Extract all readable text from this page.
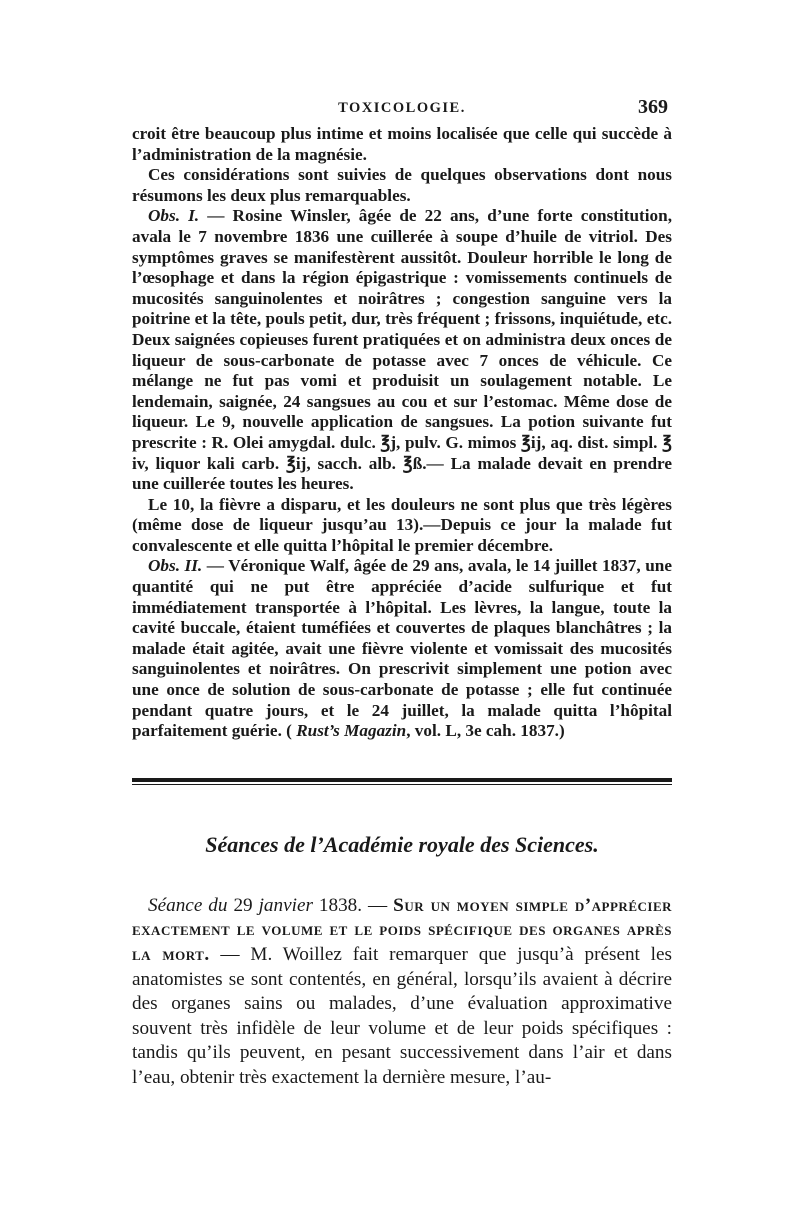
TOXICOLOGIE.	369

croit être beaucoup plus intime et moins localisée que celle qui succède à l’administration de la magnésie.

Ces considérations sont suivies de quelques observations dont nous résumons les deux plus remarquables.

Obs. I. — Rosine Winsler, âgée de 22 ans, d’une forte constitution, avala le 7 novembre 1836 une cuillerée à soupe d’huile de vitriol. Des symptômes graves se manifestèrent aussitôt. Douleur horrible le long de l’œsophage et dans la région épigastrique : vomissements continuels de mucosités sanguinolentes et noirâtres ; congestion sanguine vers la poitrine et la tête, pouls petit, dur, très fréquent ; frissons, inquiétude, etc. Deux saignées copieuses furent pratiquées et on administra deux onces de liqueur de sous-carbonate de potasse avec 7 onces de véhicule. Ce mélange ne fut pas vomi et produisit un soulagement notable. Le lendemain, saignée, 24 sangsues au cou et sur l’estomac. Même dose de liqueur. Le 9, nouvelle application de sangsues. La potion suivante fut prescrite : R. Olei amygdal. dulc. ℥j, pulv. G. mimos ℥ij, aq. dist. simpl. ℥ iv, liquor kali carb. ℥ij, sacch. alb. ℥ß.— La malade devait en prendre une cuillerée toutes les heures.

Le 10, la fièvre a disparu, et les douleurs ne sont plus que très légères (même dose de liqueur jusqu’au 13).—Depuis ce jour la malade fut convalescente et elle quitta l’hôpital le premier décembre.

Obs. II. — Véronique Walf, âgée de 29 ans, avala, le 14 juillet 1837, une quantité qui ne put être appréciée d’acide sulfurique et fut immédiatement transportée à l’hôpital. Les lèvres, la langue, toute la cavité buccale, étaient tuméfiées et couvertes de plaques blanchâtres ; la malade était agitée, avait une fièvre violente et vomissait des mucosités sanguinolentes et noirâtres. On prescrivit simplement une potion avec une once de solution de sous-carbonate de potasse ; elle fut continuée pendant quatre jours, et le 24 juillet, la malade quitta l’hôpital parfaitement guérie. ( Rust’s Magazin, vol. L, 3e cah. 1837.)

Séances de l’Académie royale des Sciences.

Séance du 29 janvier 1838. — Sur un moyen simple d’apprécier exactement le volume et le poids spécifique des organes après la mort. — M. Woillez fait remarquer que jusqu’à présent les anatomistes se sont contentés, en général, lorsqu’ils avaient à décrire des organes sains ou malades, d’une évaluation approximative souvent très infidèle de leur volume et de leur poids spécifiques : tandis qu’ils peuvent, en pesant successivement dans l’air et dans l’eau, obtenir très exactement la dernière mesure, l’au-
